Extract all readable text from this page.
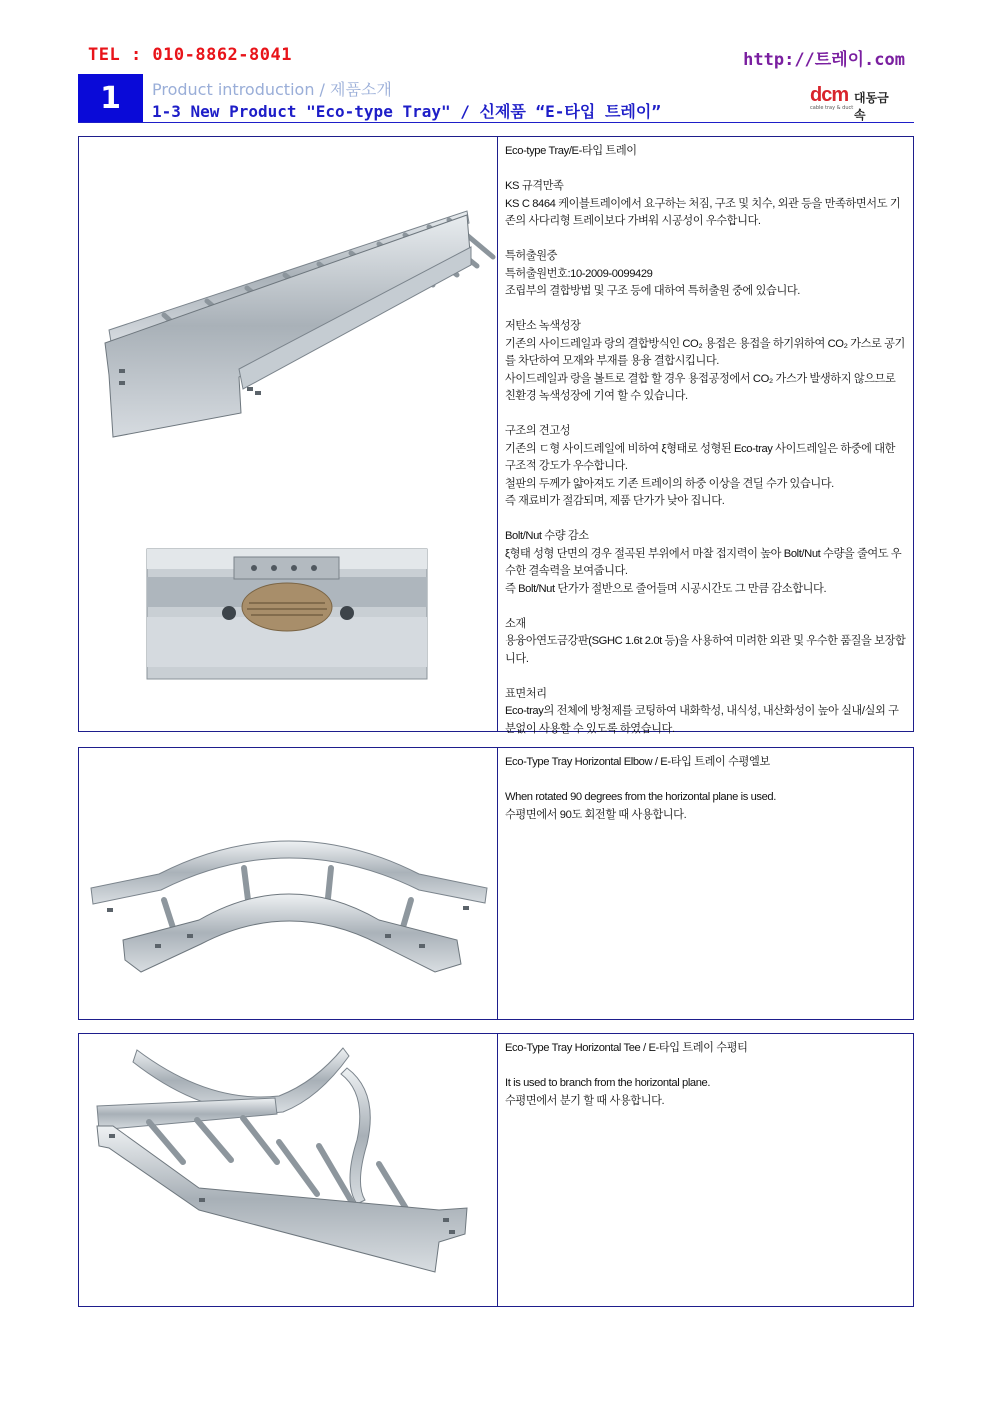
TEL : 010-8862-8041	http://트레이.com
1	Product introduction / 제품소개
1-3 New Product "Eco-type Tray" / 신제품 “E-타입 트레이”
dcm 대동금속
cable tray & duct

Eco-type Tray/E-타입 트레이

KS 규격만족

KS C 8464 케이블트레이에서 요구하는 처짐, 구조 및 치수, 외관 등을 만족하면서도 기존의 사다리형 트레이보다 가벼워 시공성이 우수합니다.

특허출원중

특허출원번호:10-2009-0099429
조립부의 결합방법 및 구조 등에 대하여 특허출원 중에 있습니다.

저탄소 녹색성장

기존의 사이드레일과 랑의 결합방식인 CO₂ 용접은 용접을 하기위하여 CO₂ 가스로 공기를 차단하여 모재와 부재를 용융 결합시킵니다.
사이드레일과 랑을 볼트로 결합 할 경우 용접공정에서 CO₂ 가스가 발생하지 않으므로 친환경 녹색성장에 기여 할 수 있습니다.

구조의 견고성

기존의 ㄷ형 사이드레일에 비하여 ξ형태로 성형된 Eco-tray 사이드레일은 하중에 대한 구조적 강도가 우수합니다.
철판의 두께가 얇아져도 기존 트레이의 하중 이상을 견딜 수가 있습니다.
즉 재료비가 절감되며, 제품 단가가 낮아 집니다.

Bolt/Nut 수량 감소

ξ형태 성형 단면의 경우 절곡된 부위에서 마찰 접지력이 높아 Bolt/Nut 수량을 줄여도 우수한 결속력을 보여줍니다.
즉 Bolt/Nut 단가가 절반으로 줄어들며 시공시간도 그 만큼 감소합니다.

소재

용융아연도금강판(SGHC 1.6t 2.0t 등)을 사용하여 미려한 외관 및 우수한 품질을 보장합니다.

표면처리

Eco-tray의 전체에 방청제를 코팅하여 내화학성, 내식성, 내산화성이 높아 실내/실외 구분없이 사용할 수 있도록 하였습니다.

Eco-Type Tray Horizontal Elbow / E-타입 트레이 수평엘보

When rotated 90 degrees from the horizontal plane is used.
수평면에서 90도 회전할 때 사용합니다.

Eco-Type Tray Horizontal Tee / E-타입 트레이 수평티

It is used to branch from the horizontal plane.
수평면에서 분기 할 때 사용합니다.
